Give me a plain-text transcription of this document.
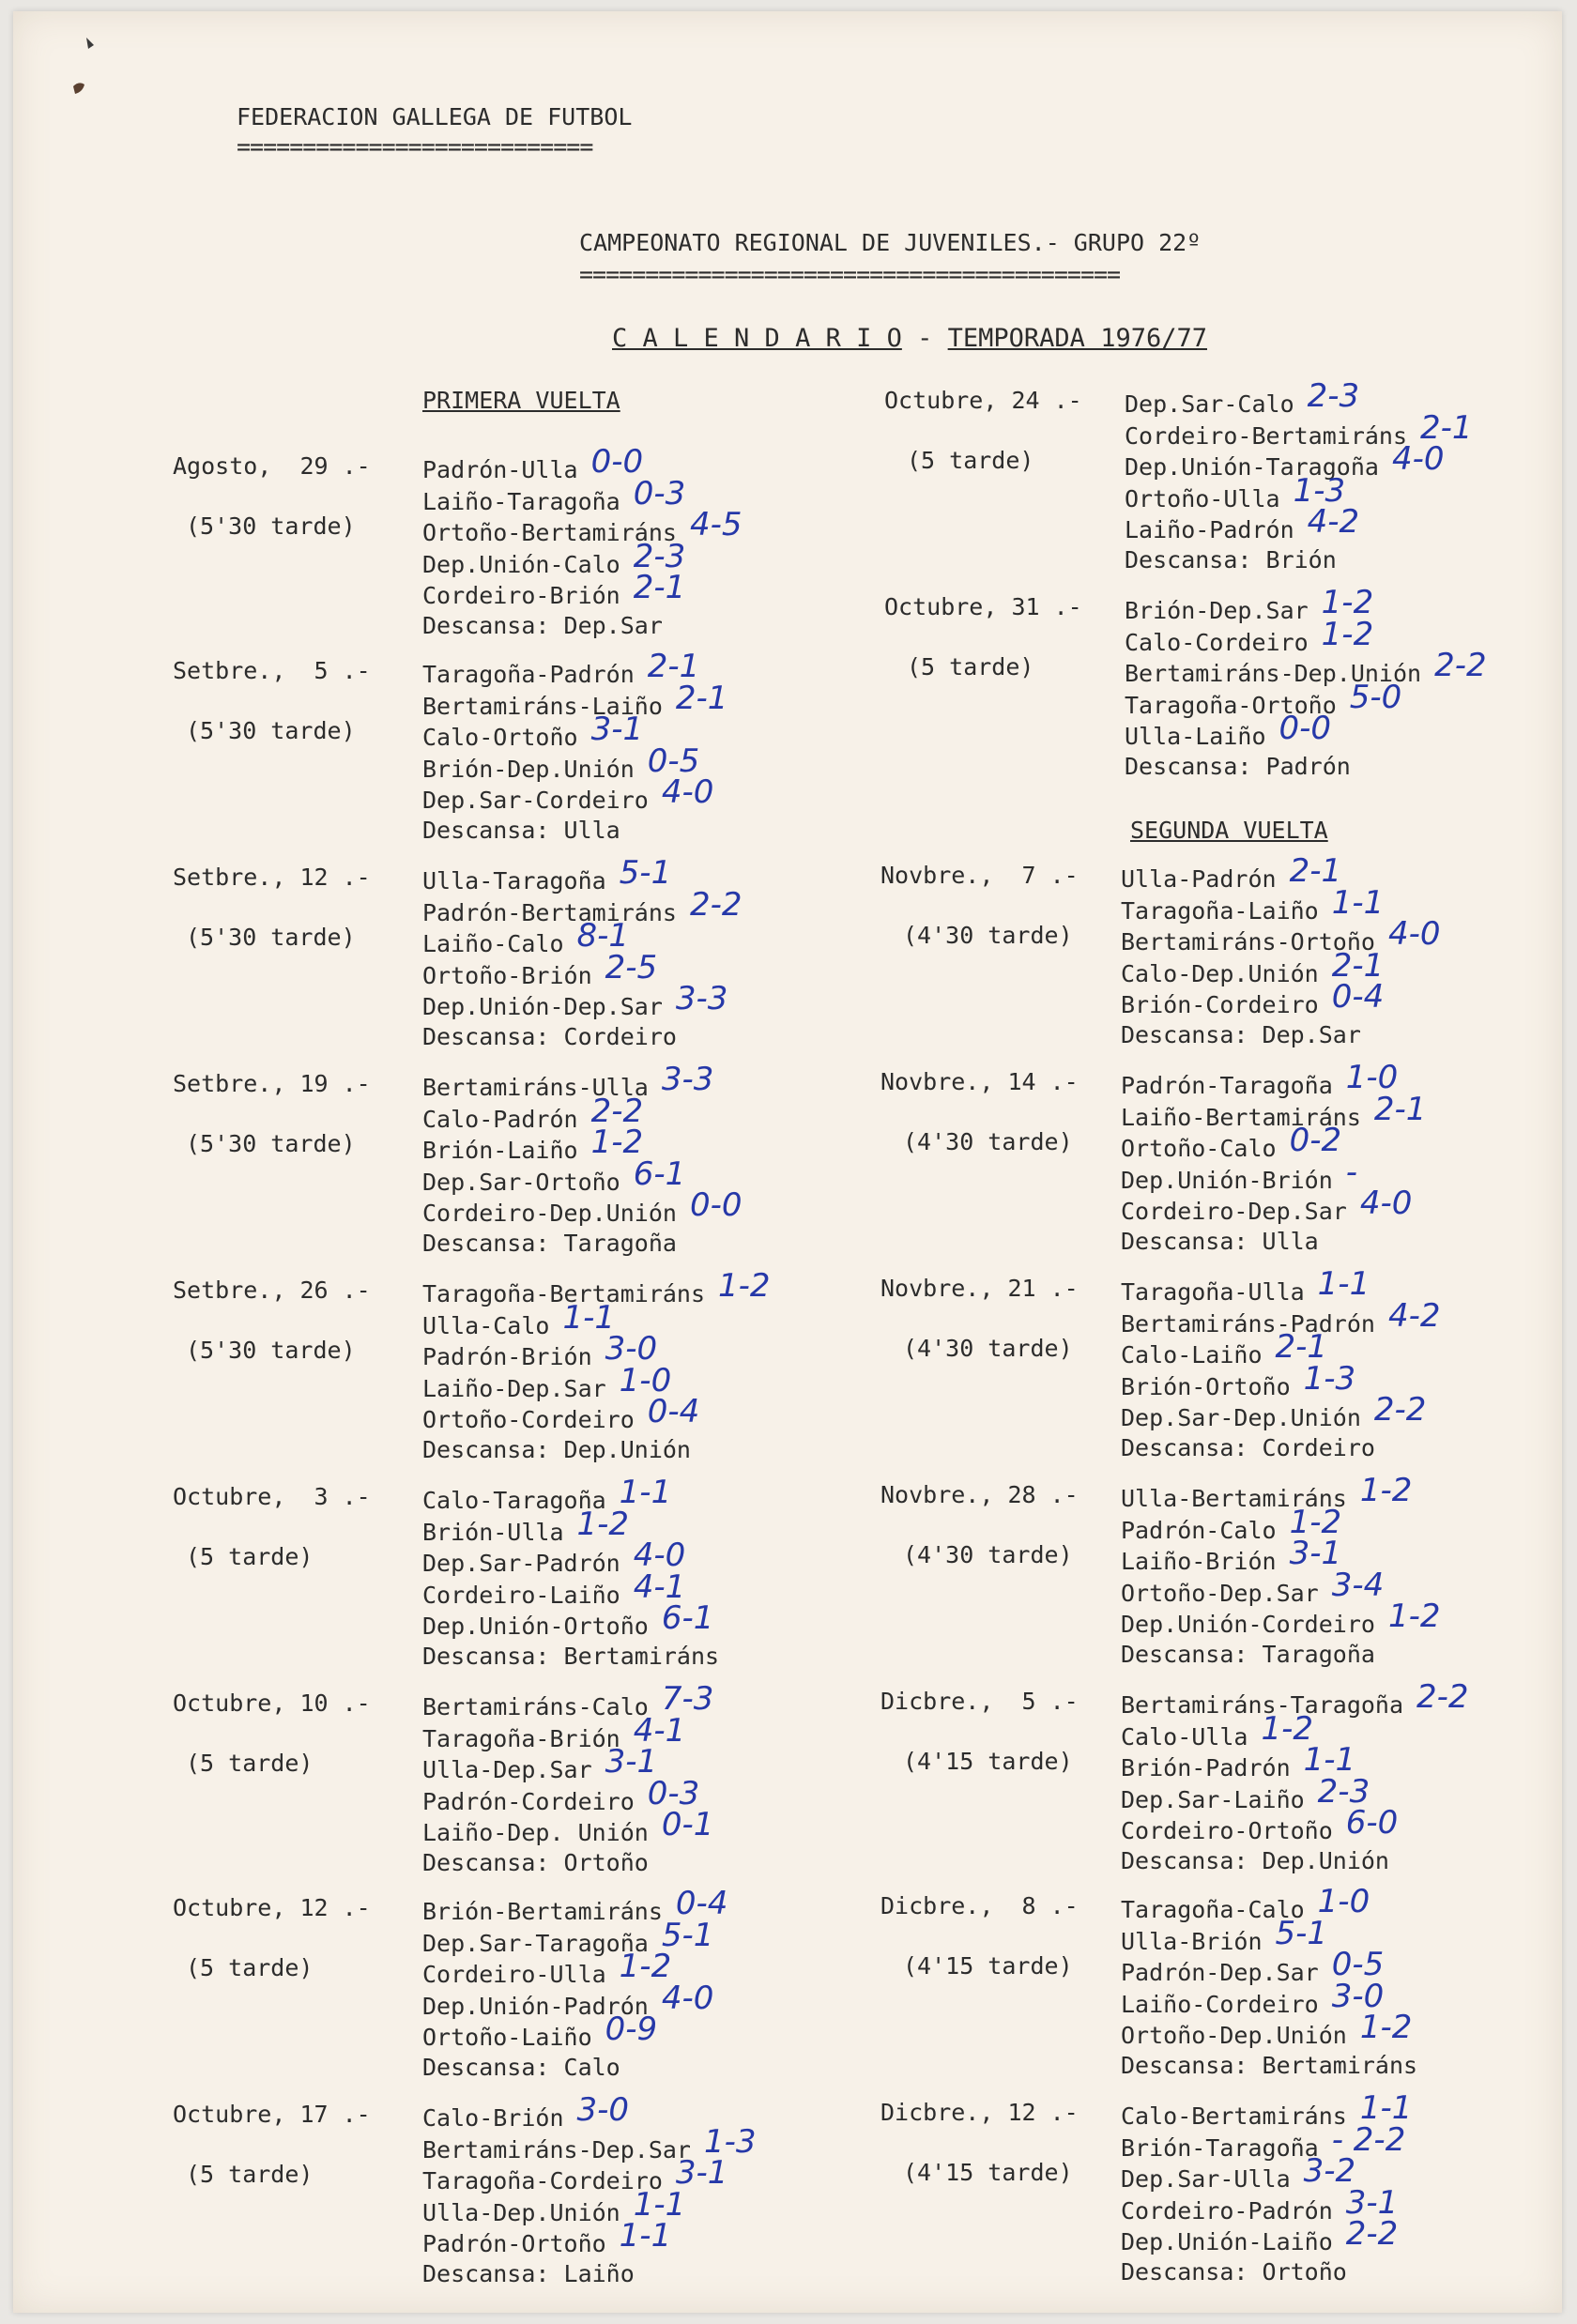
FEDERACION GALLEGA DE FUTBOL
===========================
CAMPEONATO REGIONAL DE JUVENILES.- GRUPO 22º
=========================================
C A L E N D A R I O - TEMPORADA 1976/77
PRIMERA VUELTA
SEGUNDA VUELTA
Agosto,  29 .-
(5'30 tarde)
Padrón-Ulla 0-0
Laiño-Taragoña 0-3
Ortoño-Bertamiráns 4-5
Dep.Unión-Calo 2-3
Cordeiro-Brión 2-1
Descansa: Dep.Sar
Setbre.,  5 .-
(5'30 tarde)
Taragoña-Padrón 2-1
Bertamiráns-Laiño 2-1
Calo-Ortoño 3-1
Brión-Dep.Unión 0-5
Dep.Sar-Cordeiro 4-0
Descansa: Ulla
Setbre., 12 .-
(5'30 tarde)
Ulla-Taragoña 5-1
Padrón-Bertamiráns 2-2
Laiño-Calo 8-1
Ortoño-Brión 2-5
Dep.Unión-Dep.Sar 3-3
Descansa: Cordeiro
Setbre., 19 .-
(5'30 tarde)
Bertamiráns-Ulla 3-3
Calo-Padrón 2-2
Brión-Laiño 1-2
Dep.Sar-Ortoño 6-1
Cordeiro-Dep.Unión 0-0
Descansa: Taragoña
Setbre., 26 .-
(5'30 tarde)
Taragoña-Bertamiráns 1-2
Ulla-Calo 1-1
Padrón-Brión 3-0
Laiño-Dep.Sar 1-0
Ortoño-Cordeiro 0-4
Descansa: Dep.Unión
Octubre,  3 .-
(5 tarde)
Calo-Taragoña 1-1
Brión-Ulla 1-2
Dep.Sar-Padrón 4-0
Cordeiro-Laiño 4-1
Dep.Unión-Ortoño 6-1
Descansa: Bertamiráns
Octubre, 10 .-
(5 tarde)
Bertamiráns-Calo 7-3
Taragoña-Brión 4-1
Ulla-Dep.Sar 3-1
Padrón-Cordeiro 0-3
Laiño-Dep. Unión 0-1
Descansa: Ortoño
Octubre, 12 .-
(5 tarde)
Brión-Bertamiráns 0-4
Dep.Sar-Taragoña 5-1
Cordeiro-Ulla 1-2
Dep.Unión-Padrón 4-0
Ortoño-Laiño 0-9
Descansa: Calo
Octubre, 17 .-
(5 tarde)
Calo-Brión 3-0
Bertamiráns-Dep.Sar 1-3
Taragoña-Cordeiro 3-1
Ulla-Dep.Unión 1-1
Padrón-Ortoño 1-1
Descansa: Laiño
Octubre, 24 .-
(5 tarde)
Dep.Sar-Calo 2-3
Cordeiro-Bertamiráns 2-1
Dep.Unión-Taragoña 4-0
Ortoño-Ulla 1-3
Laiño-Padrón 4-2
Descansa: Brión
Octubre, 31 .-
(5 tarde)
Brión-Dep.Sar 1-2
Calo-Cordeiro 1-2
Bertamiráns-Dep.Unión 2-2
Taragoña-Ortoño 5-0
Ulla-Laiño 0-0
Descansa: Padrón
Novbre.,  7 .-
(4'30 tarde)
Ulla-Padrón 2-1
Taragoña-Laiño 1-1
Bertamiráns-Ortoño 4-0
Calo-Dep.Unión 2-1
Brión-Cordeiro 0-4
Descansa: Dep.Sar
Novbre., 14 .-
(4'30 tarde)
Padrón-Taragoña 1-0
Laiño-Bertamiráns 2-1
Ortoño-Calo 0-2
Dep.Unión-Brión -
Cordeiro-Dep.Sar 4-0
Descansa: Ulla
Novbre., 21 .-
(4'30 tarde)
Taragoña-Ulla 1-1
Bertamiráns-Padrón 4-2
Calo-Laiño 2-1
Brión-Ortoño 1-3
Dep.Sar-Dep.Unión 2-2
Descansa: Cordeiro
Novbre., 28 .-
(4'30 tarde)
Ulla-Bertamiráns 1-2
Padrón-Calo 1-2
Laiño-Brión 3-1
Ortoño-Dep.Sar 3-4
Dep.Unión-Cordeiro 1-2
Descansa: Taragoña
Dicbre.,  5 .-
(4'15 tarde)
Bertamiráns-Taragoña 2-2
Calo-Ulla 1-2
Brión-Padrón 1-1
Dep.Sar-Laiño 2-3
Cordeiro-Ortoño 6-0
Descansa: Dep.Unión
Dicbre.,  8 .-
(4'15 tarde)
Taragoña-Calo 1-0
Ulla-Brión 5-1
Padrón-Dep.Sar 0-5
Laiño-Cordeiro 3-0
Ortoño-Dep.Unión 1-2
Descansa: Bertamiráns
Dicbre., 12 .-
(4'15 tarde)
Calo-Bertamiráns 1-1
Brión-Taragoña - 2-2
Dep.Sar-Ulla 3-2
Cordeiro-Padrón 3-1
Dep.Unión-Laiño 2-2
Descansa: Ortoño
